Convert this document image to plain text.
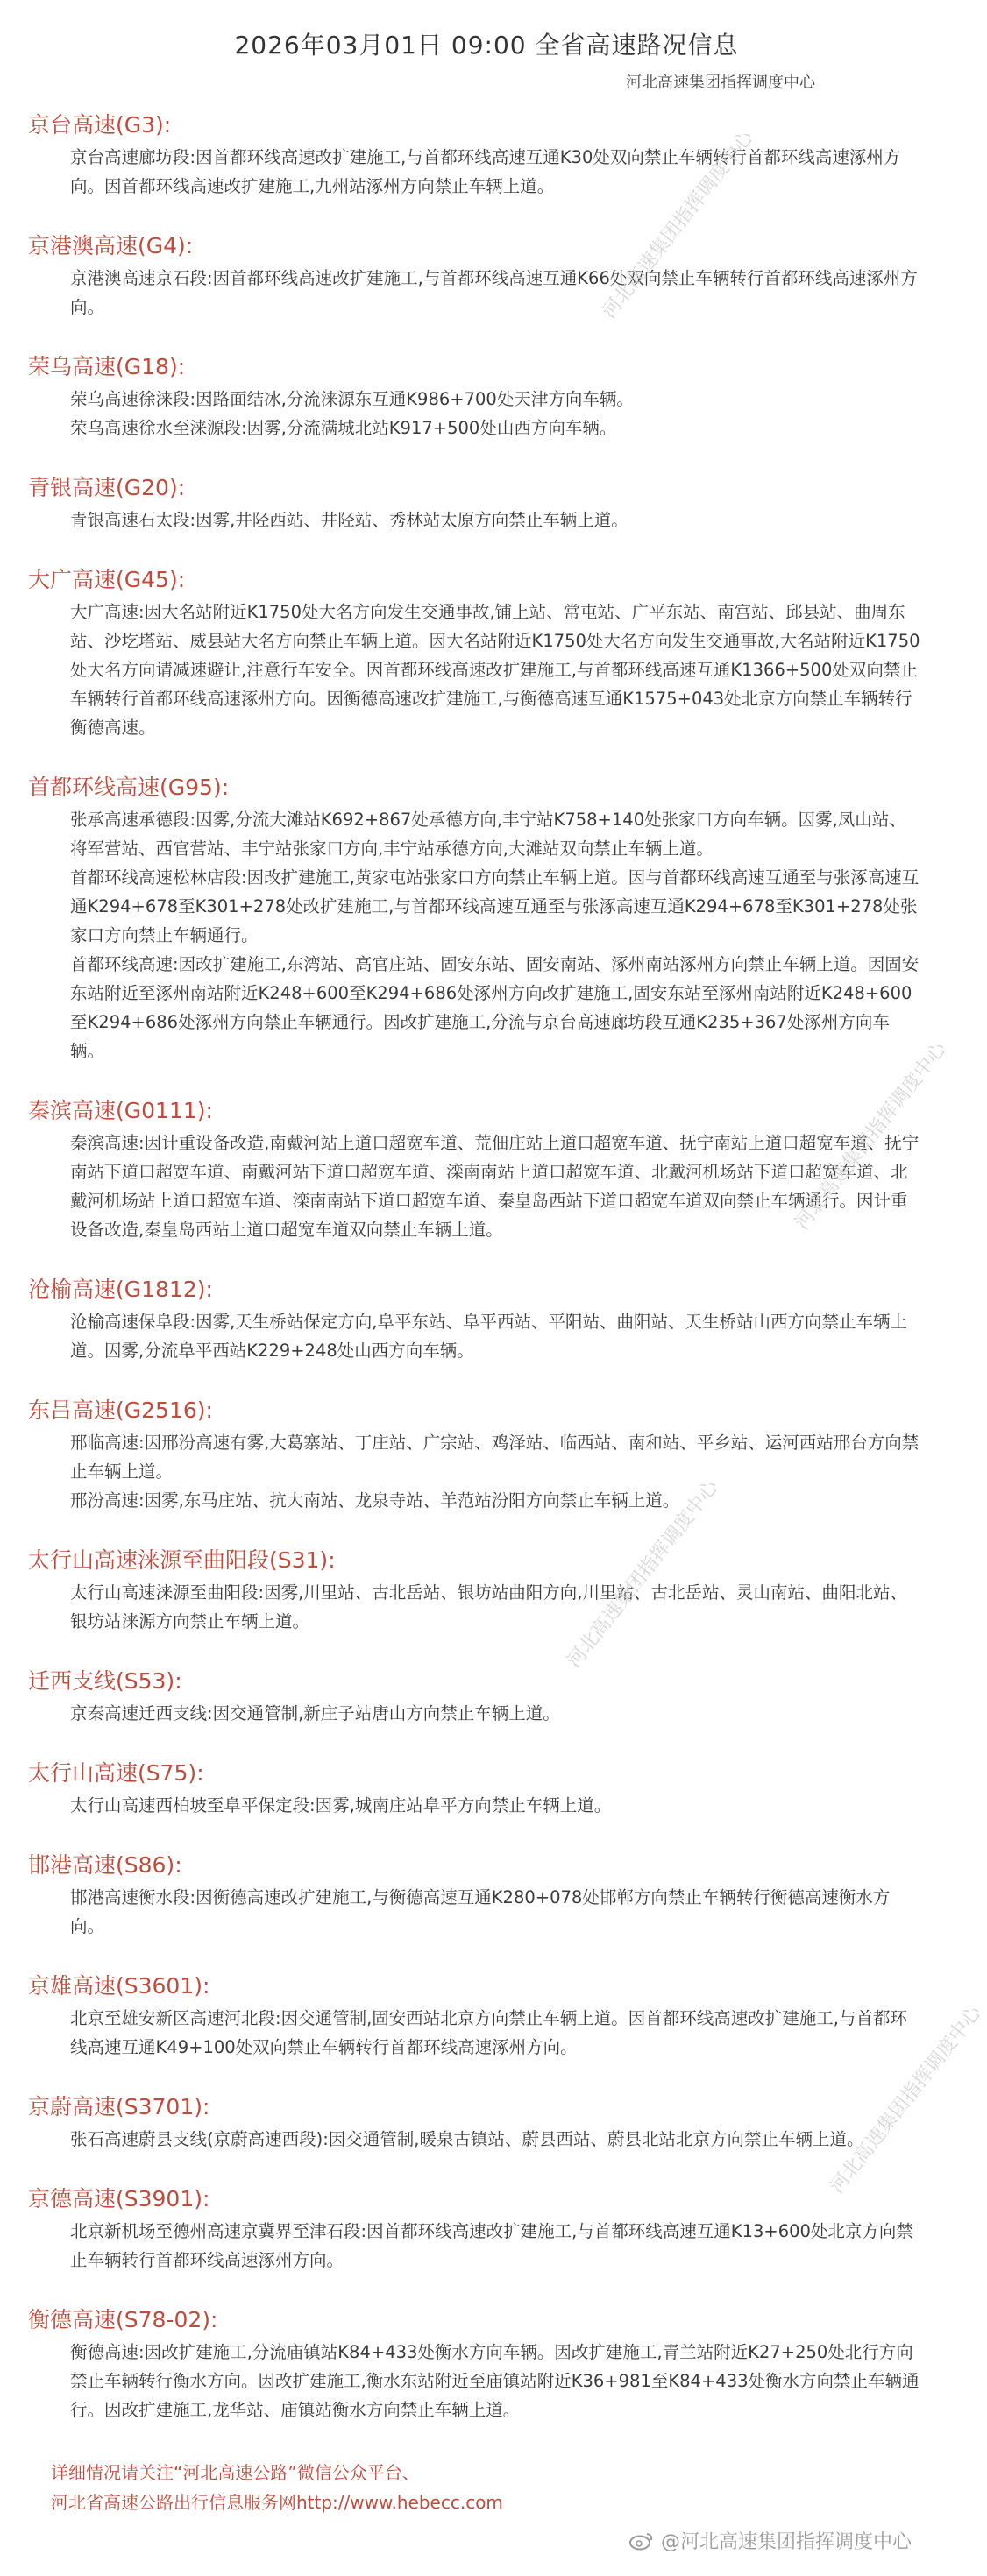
2026年03月01日 09:00 全省高速路况信息
河北高速集团指挥调度中心
京台高速(G3):

京台高速廊坊段:因首都环线高速改扩建施工,与首都环线高速互通K30处双向禁止车辆转行首都环线高速涿州方向。因首都环线高速改扩建施工,九州站涿州方向禁止车辆上道。

京港澳高速(G4):

京港澳高速京石段:因首都环线高速改扩建施工,与首都环线高速互通K66处双向禁止车辆转行首都环线高速涿州方向。

荣乌高速(G18):

荣乌高速徐涞段:因路面结冰,分流涞源东互通K986+700处天津方向车辆。

荣乌高速徐水至涞源段:因雾,分流满城北站K917+500处山西方向车辆。

青银高速(G20):

青银高速石太段:因雾,井陉西站、井陉站、秀林站太原方向禁止车辆上道。

大广高速(G45):

大广高速:因大名站附近K1750处大名方向发生交通事故,铺上站、常屯站、广平东站、南宫站、邱县站、曲周东站、沙圪塔站、威县站大名方向禁止车辆上道。因大名站附近K1750处大名方向发生交通事故,大名站附近K1750处大名方向请减速避让,注意行车安全。因首都环线高速改扩建施工,与首都环线高速互通K1366+500处双向禁止车辆转行首都环线高速涿州方向。因衡德高速改扩建施工,与衡德高速互通K1575+043处北京方向禁止车辆转行衡德高速。

首都环线高速(G95):

张承高速承德段:因雾,分流大滩站K692+867处承德方向,丰宁站K758+140处张家口方向车辆。因雾,凤山站、将军营站、西官营站、丰宁站张家口方向,丰宁站承德方向,大滩站双向禁止车辆上道。

首都环线高速松林店段:因改扩建施工,黄家屯站张家口方向禁止车辆上道。因与首都环线高速互通至与张涿高速互通K294+678至K301+278处改扩建施工,与首都环线高速互通至与张涿高速互通K294+678至K301+278处张家口方向禁止车辆通行。

首都环线高速:因改扩建施工,东湾站、高官庄站、固安东站、固安南站、涿州南站涿州方向禁止车辆上道。因固安东站附近至涿州南站附近K248+600至K294+686处涿州方向改扩建施工,固安东站至涿州南站附近K248+600至K294+686处涿州方向禁止车辆通行。因改扩建施工,分流与京台高速廊坊段互通K235+367处涿州方向车辆。

秦滨高速(G0111):

秦滨高速:因计重设备改造,南戴河站上道口超宽车道、荒佃庄站上道口超宽车道、抚宁南站上道口超宽车道、抚宁南站下道口超宽车道、南戴河站下道口超宽车道、滦南南站上道口超宽车道、北戴河机场站下道口超宽车道、北戴河机场站上道口超宽车道、滦南南站下道口超宽车道、秦皇岛西站下道口超宽车道双向禁止车辆通行。因计重设备改造,秦皇岛西站上道口超宽车道双向禁止车辆上道。

沧榆高速(G1812):

沧榆高速保阜段:因雾,天生桥站保定方向,阜平东站、阜平西站、平阳站、曲阳站、天生桥站山西方向禁止车辆上道。因雾,分流阜平西站K229+248处山西方向车辆。

东吕高速(G2516):

邢临高速:因邢汾高速有雾,大葛寨站、丁庄站、广宗站、鸡泽站、临西站、南和站、平乡站、运河西站邢台方向禁止车辆上道。

邢汾高速:因雾,东马庄站、抗大南站、龙泉寺站、羊范站汾阳方向禁止车辆上道。

太行山高速涞源至曲阳段(S31):

太行山高速涞源至曲阳段:因雾,川里站、古北岳站、银坊站曲阳方向,川里站、古北岳站、灵山南站、曲阳北站、银坊站涞源方向禁止车辆上道。

迁西支线(S53):

京秦高速迁西支线:因交通管制,新庄子站唐山方向禁止车辆上道。

太行山高速(S75):

太行山高速西柏坡至阜平保定段:因雾,城南庄站阜平方向禁止车辆上道。

邯港高速(S86):

邯港高速衡水段:因衡德高速改扩建施工,与衡德高速互通K280+078处邯郸方向禁止车辆转行衡德高速衡水方向。

京雄高速(S3601):

北京至雄安新区高速河北段:因交通管制,固安西站北京方向禁止车辆上道。因首都环线高速改扩建施工,与首都环线高速互通K49+100处双向禁止车辆转行首都环线高速涿州方向。

京蔚高速(S3701):

张石高速蔚县支线(京蔚高速西段):因交通管制,暖泉古镇站、蔚县西站、蔚县北站北京方向禁止车辆上道。

京德高速(S3901):

北京新机场至德州高速京冀界至津石段:因首都环线高速改扩建施工,与首都环线高速互通K13+600处北京方向禁止车辆转行首都环线高速涿州方向。

衡德高速(S78-02):

衡德高速:因改扩建施工,分流庙镇站K84+433处衡水方向车辆。因改扩建施工,青兰站附近K27+250处北行方向禁止车辆转行衡水方向。因改扩建施工,衡水东站附近至庙镇站附近K36+981至K84+433处衡水方向禁止车辆通行。因改扩建施工,龙华站、庙镇站衡水方向禁止车辆上道。

详细情况请关注“河北高速公路”微信公众平台、
河北省高速公路出行信息服务网http://www.hebecc.com
河北高速集团指挥调度中心
河北高速集团指挥调度中心
河北高速集团指挥调度中心
河北高速集团指挥调度中心
@河北高速集团指挥调度中心
